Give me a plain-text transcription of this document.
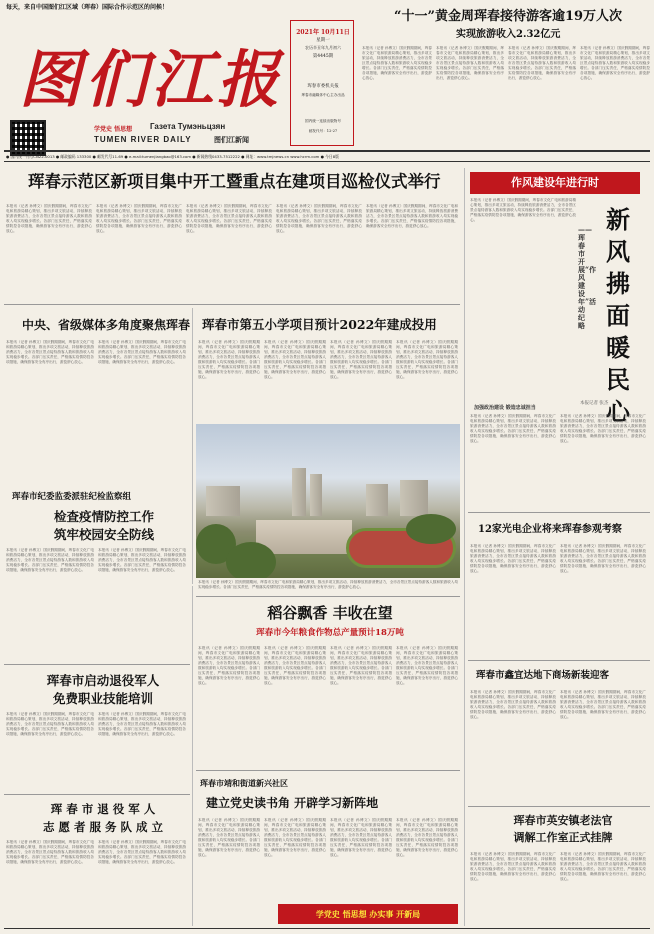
每天，来自中国图们江区域（珲春）国际合作示范区的问候！
图 们 江 报
学党史 悟思想 Газета Тумэньцзян
TUMEN RIVER DAILY	图们江新闻
2021年 10月11日
星期一
农历辛丑年九月初六
第4445期
珲春市委机关报
珲春市融媒体中心主办出品
国内统一连续出版物号
邮发代号：12-27
“十一”黄金周珲春接待游客逾19万人次
实现旅游收入2.32亿元
本报讯（记者 孙博文）国庆假期期间，珲春市文化广电和旅游局精心策划，推出多项文旅活动，持续释放旅游消费活力，全市各景区景点接待游客人数和旅游收入均实现稳步增长。各部门压实责任，严格落实疫情防控各项措施，确保游客安全有序出行，游览舒心放心。
本报讯（记者 孙博文）国庆假期期间，珲春市文化广电和旅游局精心策划，推出多项文旅活动，持续释放旅游消费活力，全市各景区景点接待游客人数和旅游收入均实现稳步增长。各部门压实责任，严格落实疫情防控各项措施，确保游客安全有序出行，游览舒心放心。
本报讯（记者 孙博文）国庆假期期间，珲春市文化广电和旅游局精心策划，推出多项文旅活动，持续释放旅游消费活力，全市各景区景点接待游客人数和旅游收入均实现稳步增长。各部门压实责任，严格落实疫情防控各项措施，确保游客安全有序出行，游览舒心放心。
本报讯（记者 孙博文）国庆假期期间，珲春市文化广电和旅游局精心策划，推出多项文旅活动，持续释放旅游消费活力，全市各景区景点接待游客人数和旅游收入均实现稳步增长。各部门压实责任，严格落实疫情防控各项措施，确保游客安全有序出行，游览舒心放心。
● 国内统一刊号CN22-0013 ● 邮政编码 133300 ● 邮发代号11-69 ● e-mail:tumenjiangbao@163.com ● 新闻热线0433-7512222 ● 网址：www.tmjnews.cn www.hcrm.com ● 今日8版
珲春示范区新项目集中开工暨重点在建项目巡检仪式举行
本报讯（记者 孙博文）国庆假期期间，珲春市文化广电和旅游局精心策划，推出多项文旅活动，持续释放旅游消费活力，全市各景区景点接待游客人数和旅游收入均实现稳步增长。各部门压实责任，严格落实疫情防控各项措施，确保游客安全有序出行，游览舒心放心。
本报讯（记者 孙博文）国庆假期期间，珲春市文化广电和旅游局精心策划，推出多项文旅活动，持续释放旅游消费活力，全市各景区景点接待游客人数和旅游收入均实现稳步增长。各部门压实责任，严格落实疫情防控各项措施，确保游客安全有序出行，游览舒心放心。
本报讯（记者 孙博文）国庆假期期间，珲春市文化广电和旅游局精心策划，推出多项文旅活动，持续释放旅游消费活力，全市各景区景点接待游客人数和旅游收入均实现稳步增长。各部门压实责任，严格落实疫情防控各项措施，确保游客安全有序出行，游览舒心放心。
本报讯（记者 孙博文）国庆假期期间，珲春市文化广电和旅游局精心策划，推出多项文旅活动，持续释放旅游消费活力，全市各景区景点接待游客人数和旅游收入均实现稳步增长。各部门压实责任，严格落实疫情防控各项措施，确保游客安全有序出行，游览舒心放心。
本报讯（记者 孙博文）国庆假期期间，珲春市文化广电和旅游局精心策划，推出多项文旅活动，持续释放旅游消费活力，全市各景区景点接待游客人数和旅游收入均实现稳步增长。各部门压实责任，严格落实疫情防控各项措施，确保游客安全有序出行，游览舒心放心。
作风建设年进行时
本报讯（记者 孙博文）国庆假期期间，珲春市文化广电和旅游局精心策划，推出多项文旅活动，持续释放旅游消费活力，全市各景区景点接待游客人数和旅游收入均实现稳步增长。各部门压实责任，严格落实疫情防控各项措施，确保游客安全有序出行，游览舒心放心。	新
风
拂
面
暖
民
心
——珲春市开展“作风建设年”活动纪略
本报记者 张杰
加强政治建设 锻造忠诚担当
本报讯（记者 孙博文）国庆假期期间，珲春市文化广电和旅游局精心策划，推出多项文旅活动，持续释放旅游消费活力，全市各景区景点接待游客人数和旅游收入均实现稳步增长。各部门压实责任，严格落实疫情防控各项措施，确保游客安全有序出行，游览舒心放心。
本报讯（记者 孙博文）国庆假期期间，珲春市文化广电和旅游局精心策划，推出多项文旅活动，持续释放旅游消费活力，全市各景区景点接待游客人数和旅游收入均实现稳步增长。各部门压实责任，严格落实疫情防控各项措施，确保游客安全有序出行，游览舒心放心。
中央、省级媒体多角度聚焦珲春
本报讯（记者 孙博文）国庆假期期间，珲春市文化广电和旅游局精心策划，推出多项文旅活动，持续释放旅游消费活力，全市各景区景点接待游客人数和旅游收入均实现稳步增长。各部门压实责任，严格落实疫情防控各项措施，确保游客安全有序出行，游览舒心放心。
本报讯（记者 孙博文）国庆假期期间，珲春市文化广电和旅游局精心策划，推出多项文旅活动，持续释放旅游消费活力，全市各景区景点接待游客人数和旅游收入均实现稳步增长。各部门压实责任，严格落实疫情防控各项措施，确保游客安全有序出行，游览舒心放心。
珲春市第五小学项目预计2022年建成投用
本报讯（记者 孙博文）国庆假期期间，珲春市文化广电和旅游局精心策划，推出多项文旅活动，持续释放旅游消费活力，全市各景区景点接待游客人数和旅游收入均实现稳步增长。各部门压实责任，严格落实疫情防控各项措施，确保游客安全有序出行，游览舒心放心。
本报讯（记者 孙博文）国庆假期期间，珲春市文化广电和旅游局精心策划，推出多项文旅活动，持续释放旅游消费活力，全市各景区景点接待游客人数和旅游收入均实现稳步增长。各部门压实责任，严格落实疫情防控各项措施，确保游客安全有序出行，游览舒心放心。
本报讯（记者 孙博文）国庆假期期间，珲春市文化广电和旅游局精心策划，推出多项文旅活动，持续释放旅游消费活力，全市各景区景点接待游客人数和旅游收入均实现稳步增长。各部门压实责任，严格落实疫情防控各项措施，确保游客安全有序出行，游览舒心放心。
本报讯（记者 孙博文）国庆假期期间，珲春市文化广电和旅游局精心策划，推出多项文旅活动，持续释放旅游消费活力，全市各景区景点接待游客人数和旅游收入均实现稳步增长。各部门压实责任，严格落实疫情防控各项措施，确保游客安全有序出行，游览舒心放心。
本报讯（记者 孙博文）国庆假期期间，珲春市文化广电和旅游局精心策划，推出多项文旅活动，持续释放旅游消费活力，全市各景区景点接待游客人数和旅游收入均实现稳步增长。各部门压实责任，严格落实疫情防控各项措施，确保游客安全有序出行，游览舒心放心。
珲春市纪委监委派驻纪检监察组
检查疫情防控工作
筑牢校园安全防线
本报讯（记者 孙博文）国庆假期期间，珲春市文化广电和旅游局精心策划，推出多项文旅活动，持续释放旅游消费活力，全市各景区景点接待游客人数和旅游收入均实现稳步增长。各部门压实责任，严格落实疫情防控各项措施，确保游客安全有序出行，游览舒心放心。
本报讯（记者 孙博文）国庆假期期间，珲春市文化广电和旅游局精心策划，推出多项文旅活动，持续释放旅游消费活力，全市各景区景点接待游客人数和旅游收入均实现稳步增长。各部门压实责任，严格落实疫情防控各项措施，确保游客安全有序出行，游览舒心放心。
12家光电企业将来珲春参观考察
本报讯（记者 孙博文）国庆假期期间，珲春市文化广电和旅游局精心策划，推出多项文旅活动，持续释放旅游消费活力，全市各景区景点接待游客人数和旅游收入均实现稳步增长。各部门压实责任，严格落实疫情防控各项措施，确保游客安全有序出行，游览舒心放心。
本报讯（记者 孙博文）国庆假期期间，珲春市文化广电和旅游局精心策划，推出多项文旅活动，持续释放旅游消费活力，全市各景区景点接待游客人数和旅游收入均实现稳步增长。各部门压实责任，严格落实疫情防控各项措施，确保游客安全有序出行，游览舒心放心。
稻谷飘香 丰收在望
珲春市今年粮食作物总产量预计18万吨
本报讯（记者 孙博文）国庆假期期间，珲春市文化广电和旅游局精心策划，推出多项文旅活动，持续释放旅游消费活力，全市各景区景点接待游客人数和旅游收入均实现稳步增长。各部门压实责任，严格落实疫情防控各项措施，确保游客安全有序出行，游览舒心放心。
本报讯（记者 孙博文）国庆假期期间，珲春市文化广电和旅游局精心策划，推出多项文旅活动，持续释放旅游消费活力，全市各景区景点接待游客人数和旅游收入均实现稳步增长。各部门压实责任，严格落实疫情防控各项措施，确保游客安全有序出行，游览舒心放心。
本报讯（记者 孙博文）国庆假期期间，珲春市文化广电和旅游局精心策划，推出多项文旅活动，持续释放旅游消费活力，全市各景区景点接待游客人数和旅游收入均实现稳步增长。各部门压实责任，严格落实疫情防控各项措施，确保游客安全有序出行，游览舒心放心。
本报讯（记者 孙博文）国庆假期期间，珲春市文化广电和旅游局精心策划，推出多项文旅活动，持续释放旅游消费活力，全市各景区景点接待游客人数和旅游收入均实现稳步增长。各部门压实责任，严格落实疫情防控各项措施，确保游客安全有序出行，游览舒心放心。
珲春市启动退役军人
免费职业技能培训
本报讯（记者 孙博文）国庆假期期间，珲春市文化广电和旅游局精心策划，推出多项文旅活动，持续释放旅游消费活力，全市各景区景点接待游客人数和旅游收入均实现稳步增长。各部门压实责任，严格落实疫情防控各项措施，确保游客安全有序出行，游览舒心放心。
本报讯（记者 孙博文）国庆假期期间，珲春市文化广电和旅游局精心策划，推出多项文旅活动，持续释放旅游消费活力，全市各景区景点接待游客人数和旅游收入均实现稳步增长。各部门压实责任，严格落实疫情防控各项措施，确保游客安全有序出行，游览舒心放心。
珲春市鑫宜达地下商场新装迎客
本报讯（记者 孙博文）国庆假期期间，珲春市文化广电和旅游局精心策划，推出多项文旅活动，持续释放旅游消费活力，全市各景区景点接待游客人数和旅游收入均实现稳步增长。各部门压实责任，严格落实疫情防控各项措施，确保游客安全有序出行，游览舒心放心。
本报讯（记者 孙博文）国庆假期期间，珲春市文化广电和旅游局精心策划，推出多项文旅活动，持续释放旅游消费活力，全市各景区景点接待游客人数和旅游收入均实现稳步增长。各部门压实责任，严格落实疫情防控各项措施，确保游客安全有序出行，游览舒心放心。
珲 春 市 退 役 军 人
志 愿 者 服 务 队 成 立
本报讯（记者 孙博文）国庆假期期间，珲春市文化广电和旅游局精心策划，推出多项文旅活动，持续释放旅游消费活力，全市各景区景点接待游客人数和旅游收入均实现稳步增长。各部门压实责任，严格落实疫情防控各项措施，确保游客安全有序出行，游览舒心放心。
本报讯（记者 孙博文）国庆假期期间，珲春市文化广电和旅游局精心策划，推出多项文旅活动，持续释放旅游消费活力，全市各景区景点接待游客人数和旅游收入均实现稳步增长。各部门压实责任，严格落实疫情防控各项措施，确保游客安全有序出行，游览舒心放心。
珲春市靖和街道新兴社区
建立党史读书角 开辟学习新阵地
本报讯（记者 孙博文）国庆假期期间，珲春市文化广电和旅游局精心策划，推出多项文旅活动，持续释放旅游消费活力，全市各景区景点接待游客人数和旅游收入均实现稳步增长。各部门压实责任，严格落实疫情防控各项措施，确保游客安全有序出行，游览舒心放心。
本报讯（记者 孙博文）国庆假期期间，珲春市文化广电和旅游局精心策划，推出多项文旅活动，持续释放旅游消费活力，全市各景区景点接待游客人数和旅游收入均实现稳步增长。各部门压实责任，严格落实疫情防控各项措施，确保游客安全有序出行，游览舒心放心。
本报讯（记者 孙博文）国庆假期期间，珲春市文化广电和旅游局精心策划，推出多项文旅活动，持续释放旅游消费活力，全市各景区景点接待游客人数和旅游收入均实现稳步增长。各部门压实责任，严格落实疫情防控各项措施，确保游客安全有序出行，游览舒心放心。
本报讯（记者 孙博文）国庆假期期间，珲春市文化广电和旅游局精心策划，推出多项文旅活动，持续释放旅游消费活力，全市各景区景点接待游客人数和旅游收入均实现稳步增长。各部门压实责任，严格落实疫情防控各项措施，确保游客安全有序出行，游览舒心放心。
学党史 悟思想 办实事 开新局
珲春市英安镇老法官
调解工作室正式挂牌
本报讯（记者 孙博文）国庆假期期间，珲春市文化广电和旅游局精心策划，推出多项文旅活动，持续释放旅游消费活力，全市各景区景点接待游客人数和旅游收入均实现稳步增长。各部门压实责任，严格落实疫情防控各项措施，确保游客安全有序出行，游览舒心放心。
本报讯（记者 孙博文）国庆假期期间，珲春市文化广电和旅游局精心策划，推出多项文旅活动，持续释放旅游消费活力，全市各景区景点接待游客人数和旅游收入均实现稳步增长。各部门压实责任，严格落实疫情防控各项措施，确保游客安全有序出行，游览舒心放心。
